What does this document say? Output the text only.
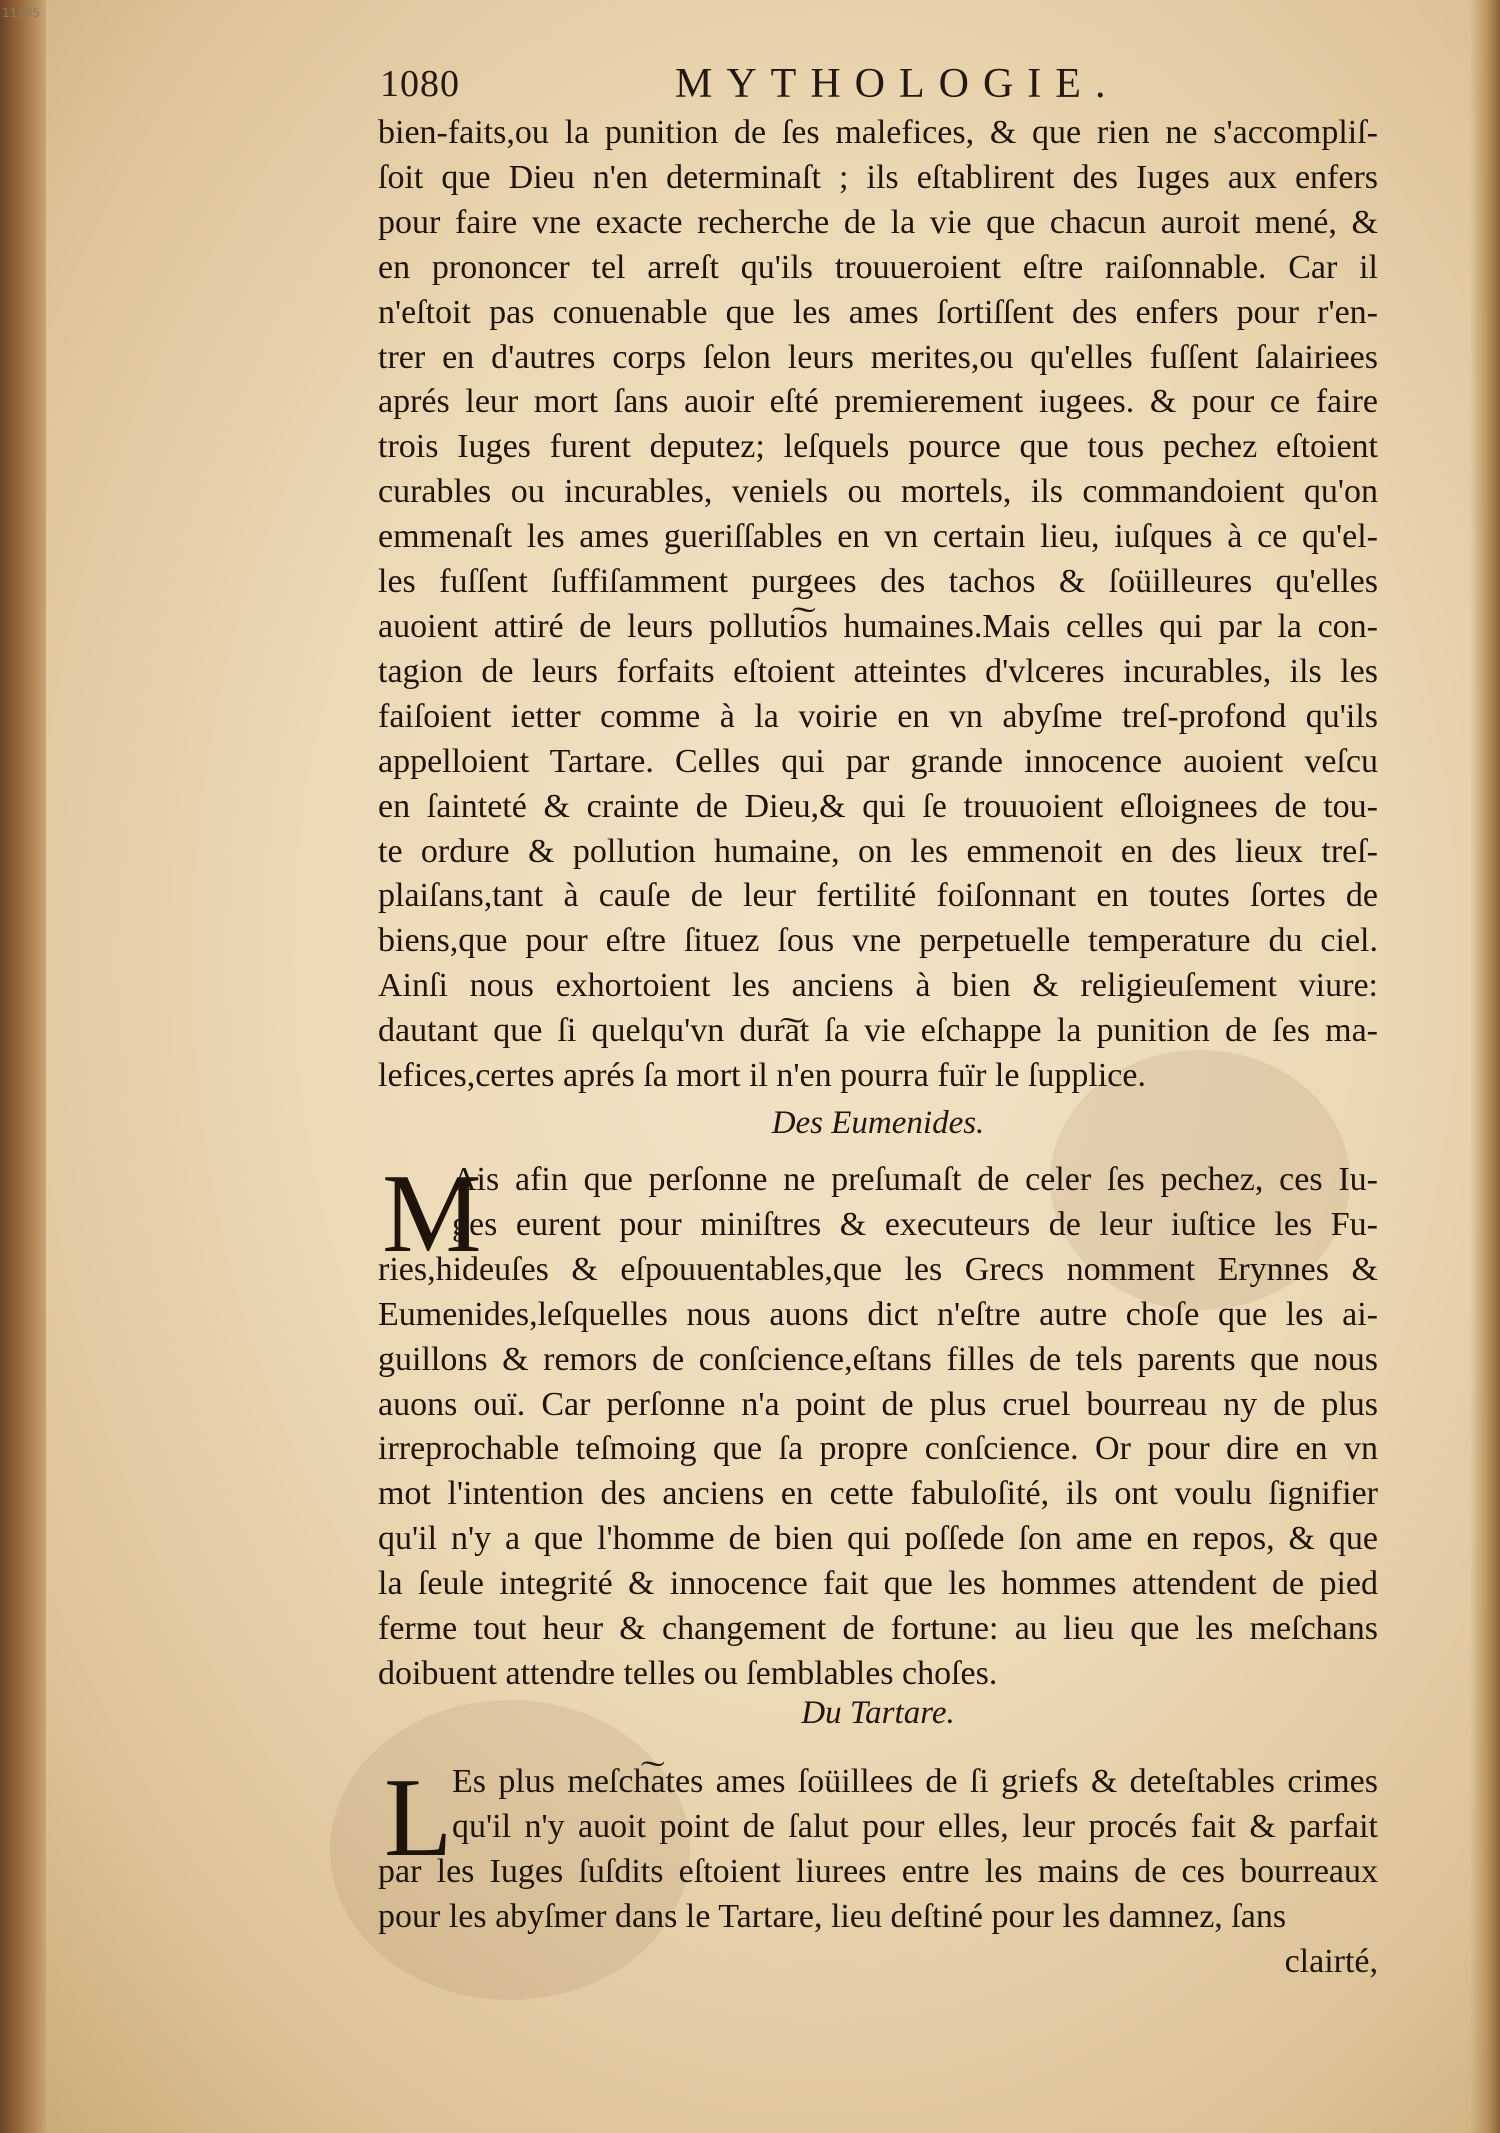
11205
1080	MYTHOLOGIE.
bien-faits,ou la punition de ſes malefices, & que rien ne s'accompliſ-
ſoit que Dieu n'en determinaſt ; ils eſtablirent des Iuges aux enfers
pour faire vne exacte recherche de la vie que chacun auroit mené, &
en prononcer tel arreſt qu'ils trouueroient eſtre raiſonnable. Car il
n'eſtoit pas conuenable que les ames ſortiſſent des enfers pour r'en-
trer en d'autres corps ſelon leurs merites,ou qu'elles fuſſent ſalairiees
aprés leur mort ſans auoir eſté premierement iugees. & pour ce faire
trois Iuges furent deputez; leſquels pource que tous pechez eſtoient
curables ou incurables, veniels ou mortels, ils commandoient qu'on
emmenaſt les ames gueriſſables en vn certain lieu, iuſques à ce qu'el-
les fuſſent ſuffiſamment purgees des tachos & ſoüilleures qu'elles
auoient attiré de leurs polluti͠os humaines.Mais celles qui par la con-
tagion de leurs forfaits eſtoient atteintes d'vlceres incurables, ils les
faiſoient ietter comme à la voirie en vn abyſme treſ-profond qu'ils
appelloient Tartare. Celles qui par grande innocence auoient veſcu
en ſainteté & crainte de Dieu,& qui ſe trouuoient eſloignees de tou-
te ordure & pollution humaine, on les emmenoit en des lieux treſ-
plaiſans,tant à cauſe de leur fertilité foiſonnant en toutes ſortes de
biens,que pour eſtre ſituez ſous vne perpetuelle temperature du ciel.
Ainſi nous exhortoient les anciens à bien & religieuſement viure:
dautant que ſi quelqu'vn dur͠at ſa vie eſchappe la punition de ſes ma-
lefices,certes aprés ſa mort il n'en pourra fuïr le ſupplice.
Des Eumenides.
M
Ais afin que perſonne ne preſumaſt de celer ſes pechez, ces Iu-
ges eurent pour miniſtres & executeurs de leur iuſtice les Fu-
ries,hideuſes & eſpouuentables,que les Grecs nomment Erynnes &
Eumenides,leſquelles nous auons dict n'eſtre autre choſe que les ai-
guillons & remors de conſcience,eſtans filles de tels parents que nous
auons ouï. Car perſonne n'a point de plus cruel bourreau ny de plus
irreprochable teſmoing que ſa propre conſcience. Or pour dire en vn
mot l'intention des anciens en cette fabuloſité, ils ont voulu ſignifier
qu'il n'y a que l'homme de bien qui poſſede ſon ame en repos, & que
la ſeule integrité & innocence fait que les hommes attendent de pied
ferme tout heur & changement de fortune: au lieu que les meſchans
doibuent attendre telles ou ſemblables choſes.
Du Tartare.
L Es plus meſch͠ates ames ſoüillees de ſi griefs & deteſtables crimes
qu'il n'y auoit point de ſalut pour elles, leur procés fait & parfait
par les Iuges ſuſdits eſtoient liurees entre les mains de ces bourreaux
pour les abyſmer dans le Tartare, lieu deſtiné pour les damnez, ſans
clairté,
